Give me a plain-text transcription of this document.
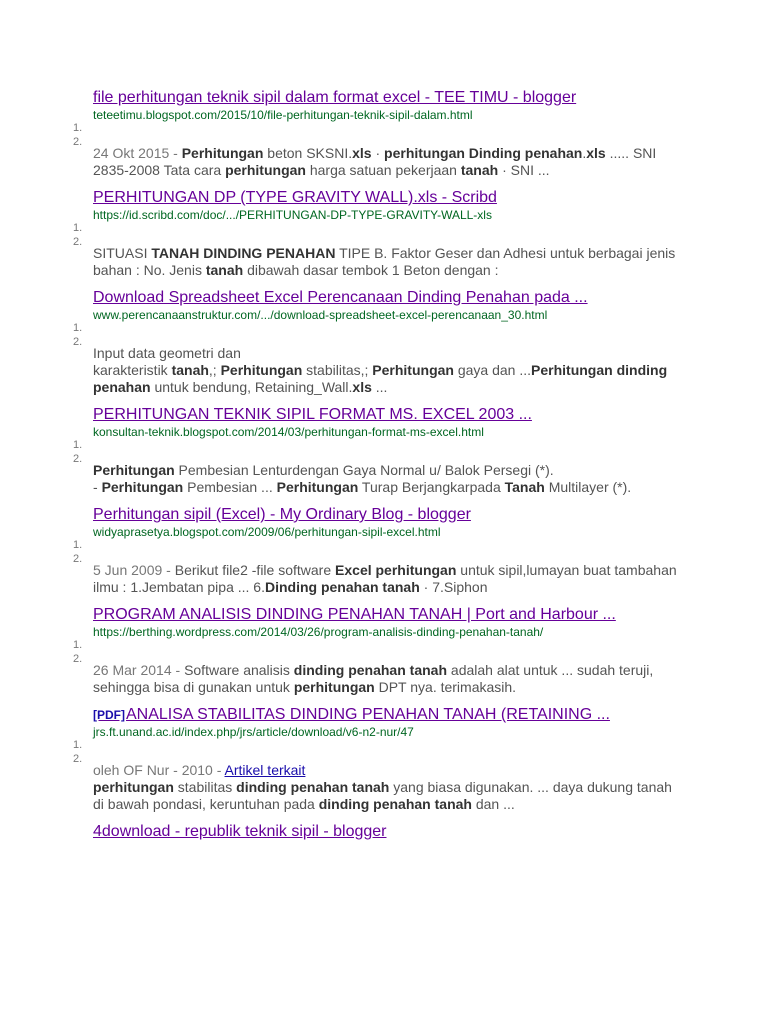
file perhitungan teknik sipil dalam format excel - TEE TIMU - blogger
teteetimu.blogspot.com/2015/10/file-perhitungan-teknik-sipil-dalam.html
1.
2.
24 Okt 2015 - Perhitungan beton SKSNI.xls · perhitungan Dinding penahan.xls ..... SNI 2835-2008 Tata cara perhitungan harga satuan pekerjaan tanah · SNI ...
PERHITUNGAN DP (TYPE GRAVITY WALL).xls - Scribd
https://id.scribd.com/doc/.../PERHITUNGAN-DP-TYPE-GRAVITY-WALL-xls
1.
2.
SITUASI TANAH DINDING PENAHAN TIPE B. Faktor Geser dan Adhesi untuk berbagai jenis bahan : No. Jenis tanah dibawah dasar tembok 1 Beton dengan :
Download Spreadsheet Excel Perencanaan Dinding Penahan pada ...
www.perencanaanstruktur.com/.../download-spreadsheet-excel-perencanaan_30.html
1.
2.
Input data geometri dan
karakteristik tanah,; Perhitungan stabilitas,; Perhitungan gaya dan ...Perhitungan dinding penahan untuk bendung, Retaining_Wall.xls ...
PERHITUNGAN TEKNIK SIPIL FORMAT MS. EXCEL 2003 ...
konsultan-teknik.blogspot.com/2014/03/perhitungan-format-ms-excel.html
1.
2.
Perhitungan Pembesian Lenturdengan Gaya Normal u/ Balok Persegi (*).
- Perhitungan Pembesian ... Perhitungan Turap Berjangkarpada Tanah Multilayer (*).
Perhitungan sipil (Excel) - My Ordinary Blog - blogger
widyaprasetya.blogspot.com/2009/06/perhitungan-sipil-excel.html
1.
2.
5 Jun 2009 - Berikut file2 -file software Excel perhitungan untuk sipil,lumayan buat tambahan ilmu : 1.Jembatan pipa ... 6.Dinding penahan tanah · 7.Siphon
PROGRAM ANALISIS DINDING PENAHAN TANAH | Port and Harbour ...
https://berthing.wordpress.com/2014/03/26/program-analisis-dinding-penahan-tanah/
1.
2.
26 Mar 2014 - Software analisis dinding penahan tanah adalah alat untuk ... sudah teruji, sehingga bisa di gunakan untuk perhitungan DPT nya. terimakasih.
[PDF]ANALISA STABILITAS DINDING PENAHAN TANAH (RETAINING ...
jrs.ft.unand.ac.id/index.php/jrs/article/download/v6-n2-nur/47
1.
2.
oleh OF Nur - 2010 - Artikel terkait
perhitungan stabilitas dinding penahan tanah yang biasa digunakan. ... daya dukung tanah di bawah pondasi, keruntuhan pada dinding penahan tanah dan ...
4download - republik teknik sipil - blogger
